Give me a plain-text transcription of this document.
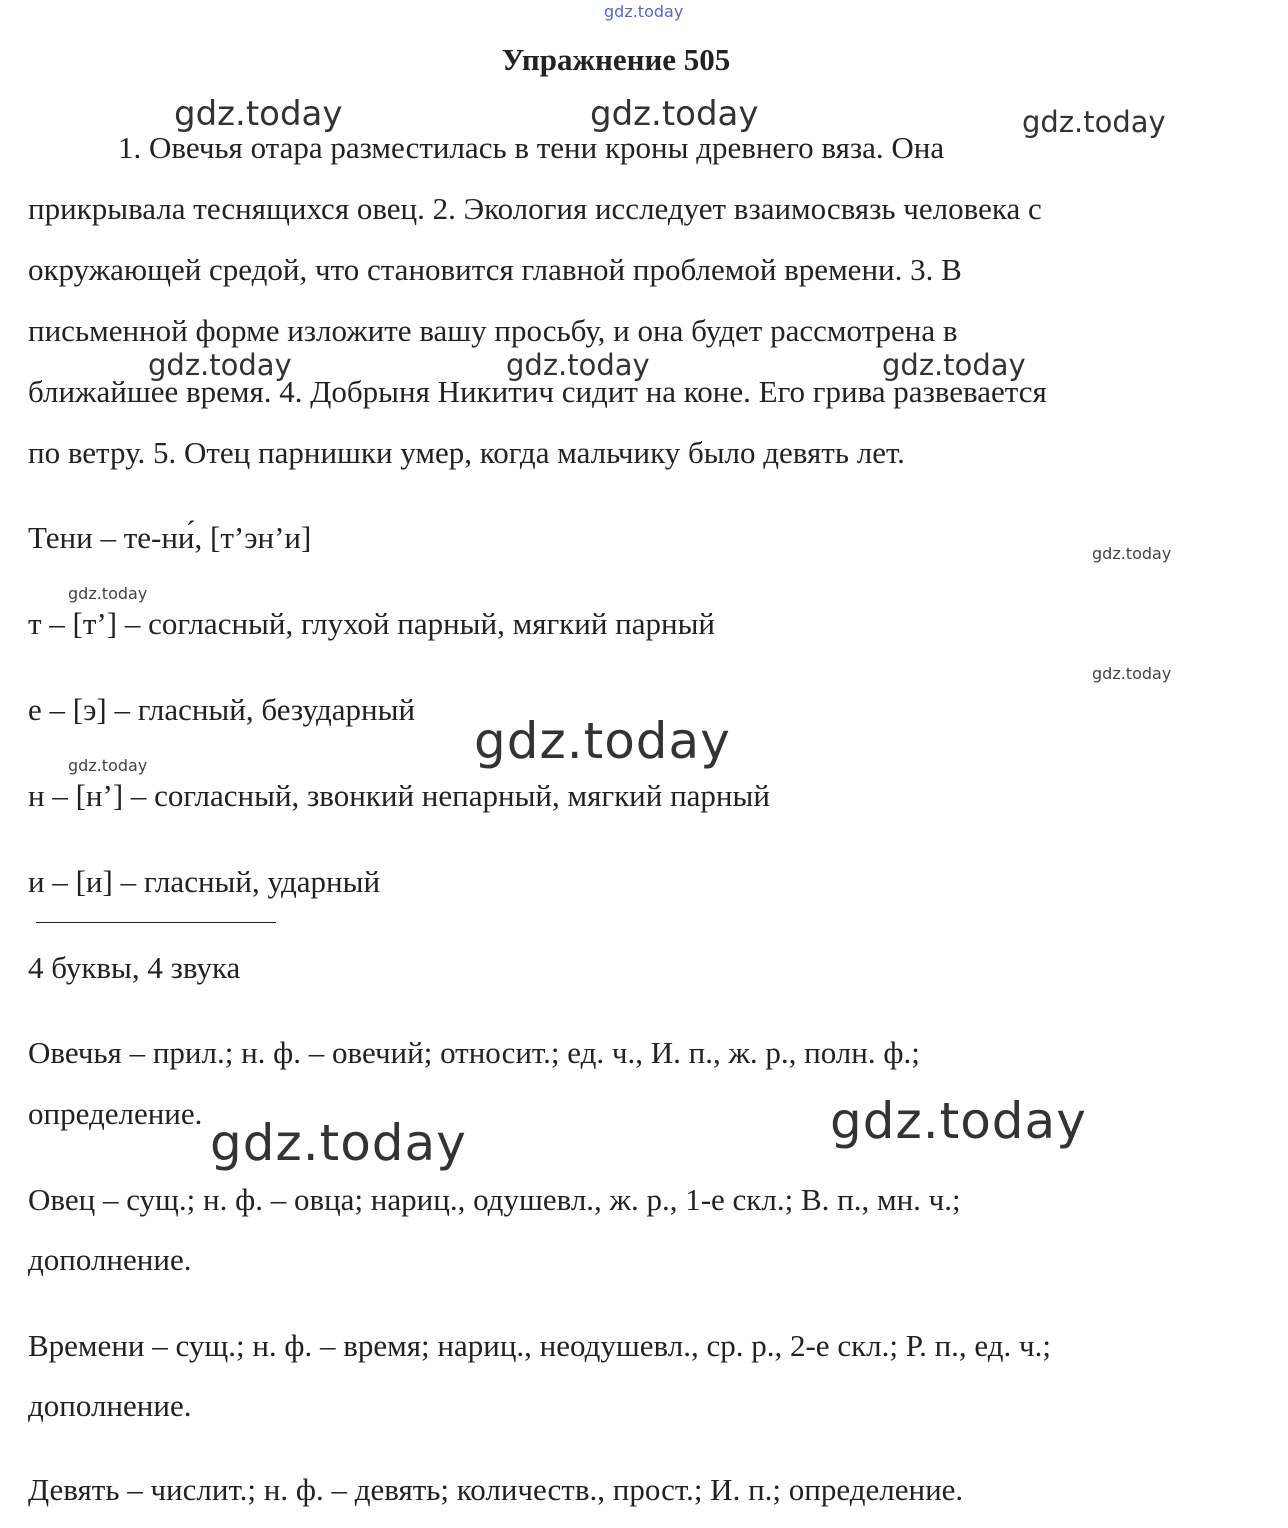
gdz.today
Упражнение 505
gdz.today	gdz.today	gdz.today
1. Овечья отара разместилась в тени кроны древнего вяза. Она
прикрывала теснящихся овец. 2. Экология исследует взаимосвязь человека с
окружающей средой, что становится главной проблемой времени. 3. В
письменной форме изложите вашу просьбу, и она будет рассмотрена в
gdz.today	gdz.today	gdz.today
ближайшее время. 4. Добрыня Никитич сидит на коне. Его грива развевается
по ветру. 5. Отец парнишки умер, когда мальчику было девять лет.
Тени – те-ни́, [т’эн’и]	gdz.today
gdz.today
т – [т’] – согласный, глухой парный, мягкий парный
gdz.today
е – [э] – гласный, безударный
gdz.today
gdz.today
н – [н’] – согласный, звонкий непарный, мягкий парный
и – [и] – гласный, ударный
4 буквы, 4 звука
Овечья – прил.; н. ф. – овечий; относит.; ед. ч., И. п., ж. р., полн. ф.;
определение.
gdz.today	gdz.today
Овец – сущ.; н. ф. – овца; нариц., одушевл., ж. р., 1-е скл.; В. п., мн. ч.;
дополнение.
Времени – сущ.; н. ф. – время; нариц., неодушевл., ср. р., 2-е скл.; Р. п., ед. ч.;
дополнение.
Девять – числит.; н. ф. – девять; количеств., прост.; И. п.; определение.
